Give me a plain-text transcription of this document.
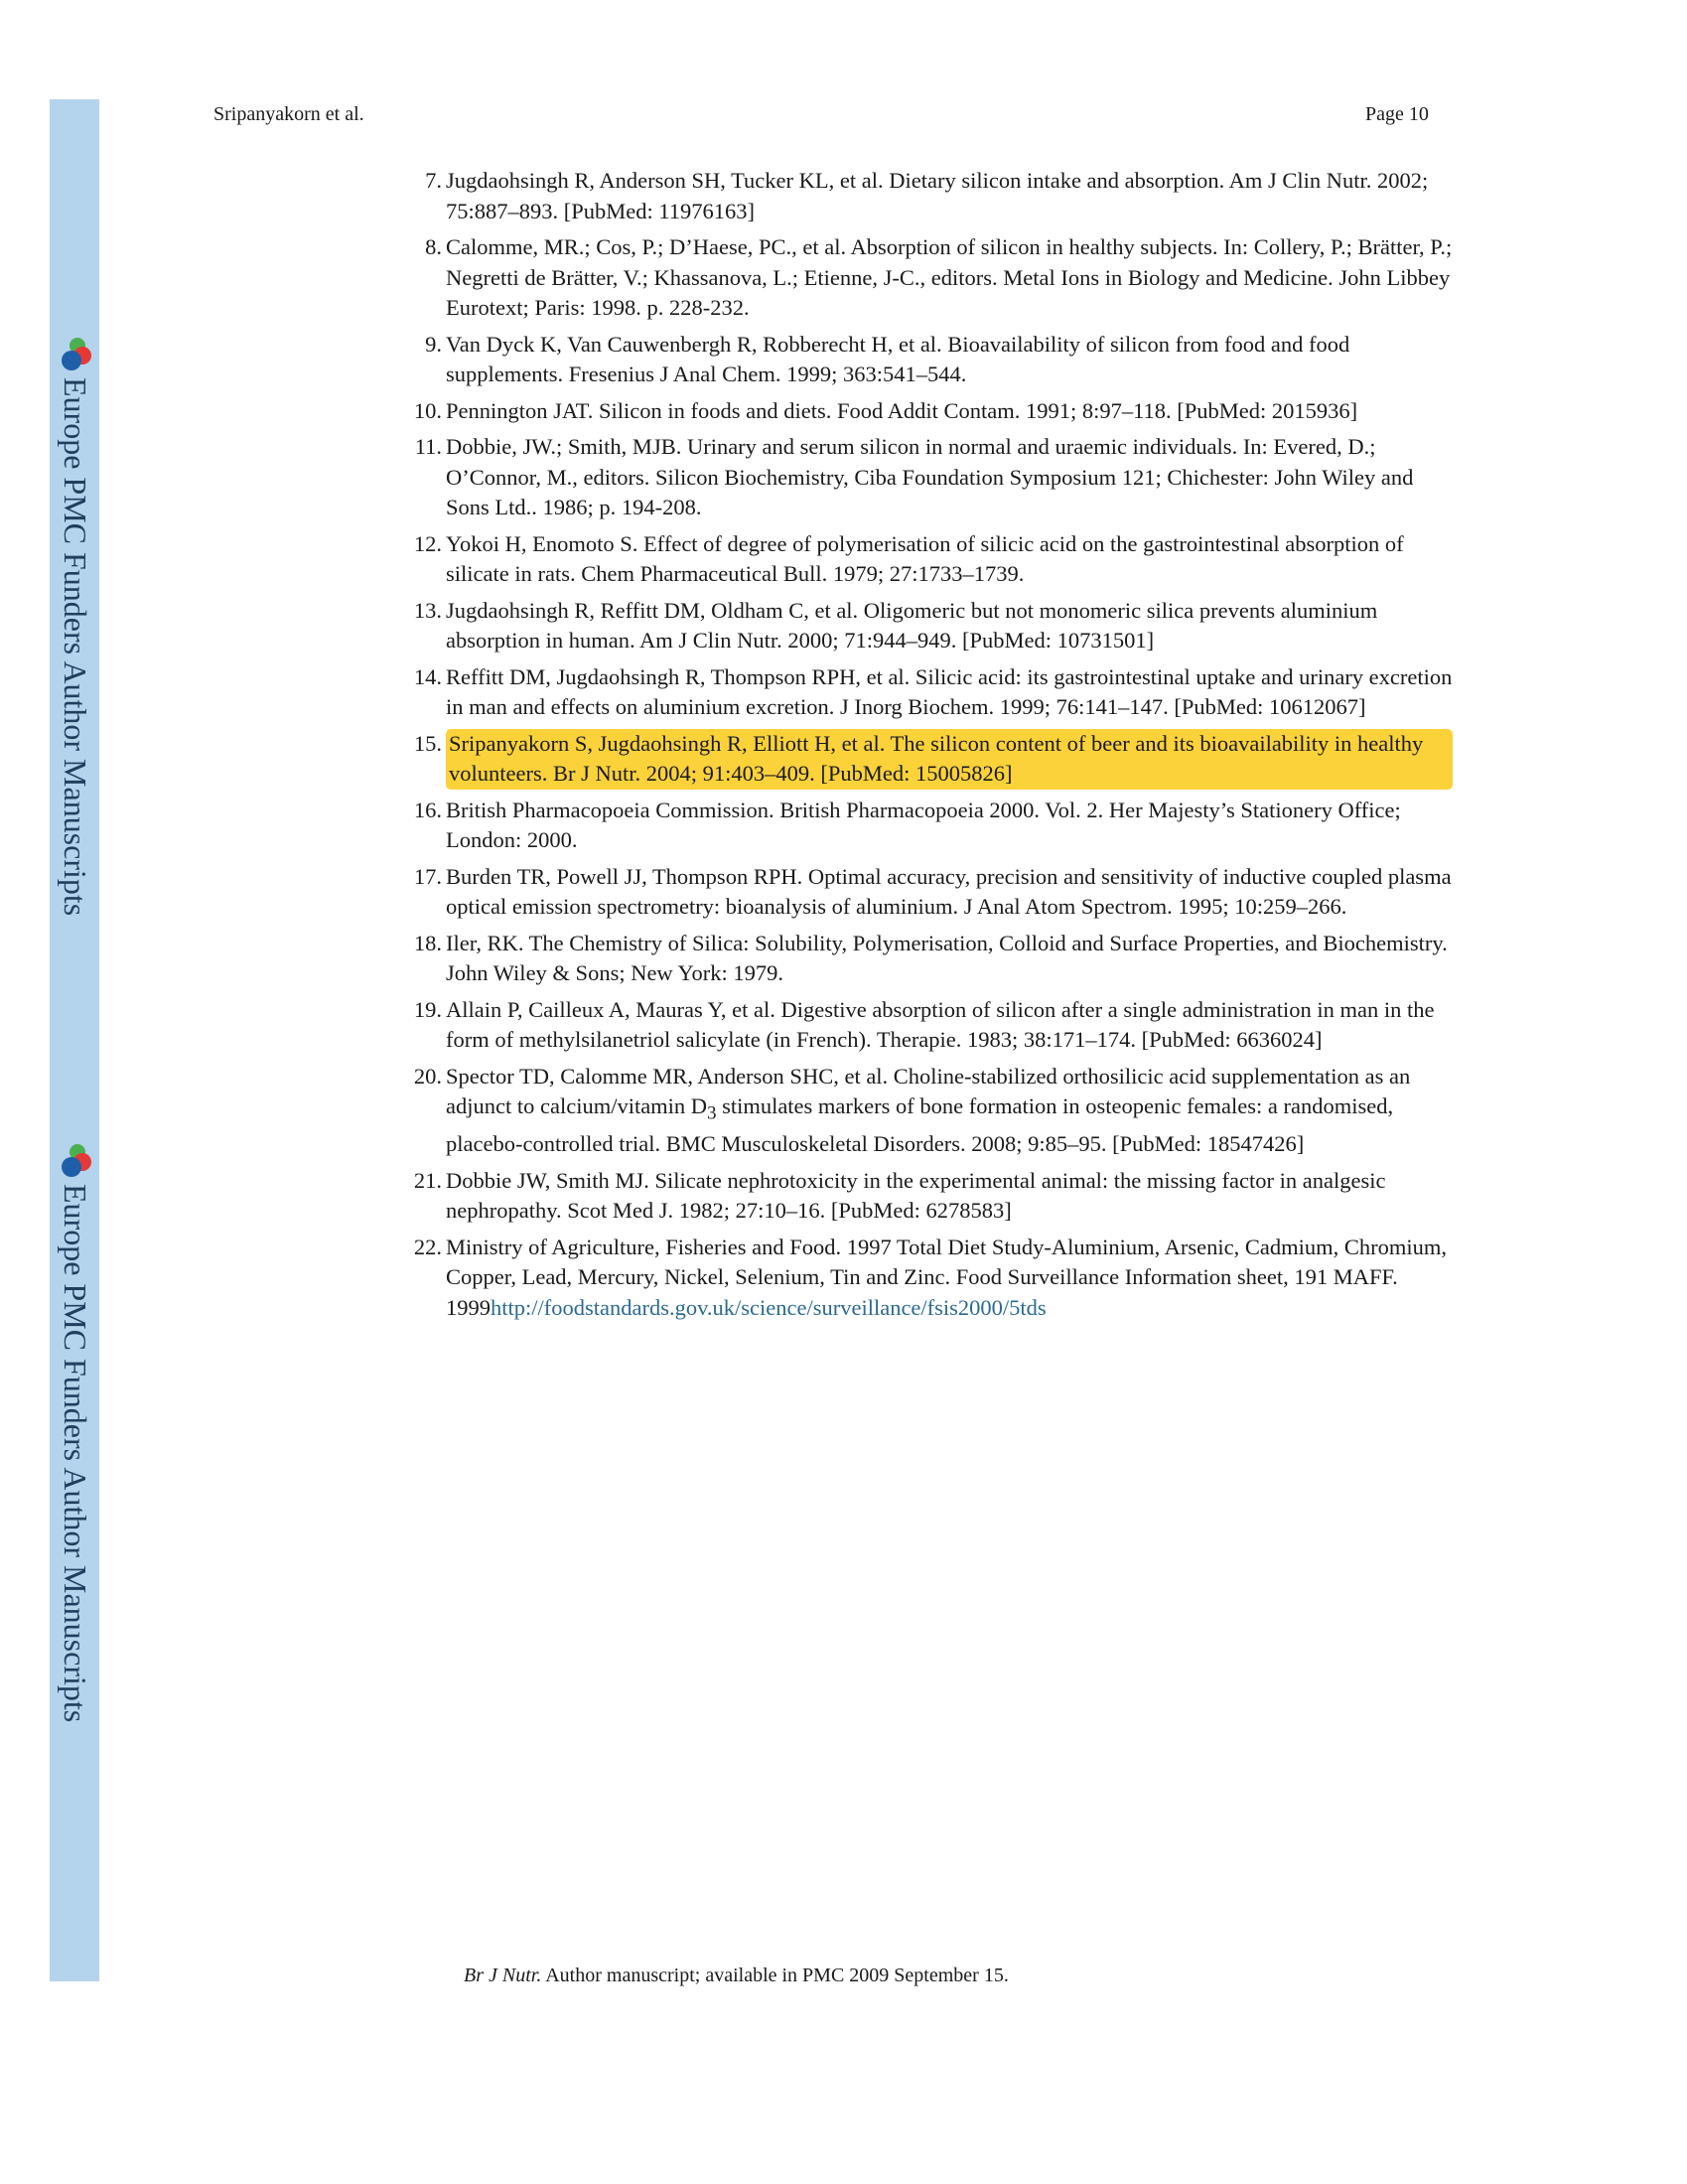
Europe PMC Funders Author Manuscripts
Europe PMC Funders Author Manuscripts
Sripanyakorn et al.	Page 10
7. Jugdaohsingh R, Anderson SH, Tucker KL, et al. Dietary silicon intake and absorption. Am J Clin Nutr. 2002; 75:887–893. [PubMed: 11976163]
8. Calomme, MR.; Cos, P.; D’Haese, PC., et al. Absorption of silicon in healthy subjects. In: Collery, P.; Brätter, P.; Negretti de Brätter, V.; Khassanova, L.; Etienne, J-C., editors. Metal Ions in Biology and Medicine. John Libbey Eurotext; Paris: 1998. p. 228-232.
9. Van Dyck K, Van Cauwenbergh R, Robberecht H, et al. Bioavailability of silicon from food and food supplements. Fresenius J Anal Chem. 1999; 363:541–544.
10. Pennington JAT. Silicon in foods and diets. Food Addit Contam. 1991; 8:97–118. [PubMed: 2015936]
11. Dobbie, JW.; Smith, MJB. Urinary and serum silicon in normal and uraemic individuals. In: Evered, D.; O’Connor, M., editors. Silicon Biochemistry, Ciba Foundation Symposium 121; Chichester: John Wiley and Sons Ltd.. 1986; p. 194-208.
12. Yokoi H, Enomoto S. Effect of degree of polymerisation of silicic acid on the gastrointestinal absorption of silicate in rats. Chem Pharmaceutical Bull. 1979; 27:1733–1739.
13. Jugdaohsingh R, Reffitt DM, Oldham C, et al. Oligomeric but not monomeric silica prevents aluminium absorption in human. Am J Clin Nutr. 2000; 71:944–949. [PubMed: 10731501]
14. Reffitt DM, Jugdaohsingh R, Thompson RPH, et al. Silicic acid: its gastrointestinal uptake and urinary excretion in man and effects on aluminium excretion. J Inorg Biochem. 1999; 76:141–147. [PubMed: 10612067]
15. Sripanyakorn S, Jugdaohsingh R, Elliott H, et al. The silicon content of beer and its bioavailability in healthy volunteers. Br J Nutr. 2004; 91:403–409. [PubMed: 15005826]
16. British Pharmacopoeia Commission. British Pharmacopoeia 2000. Vol. 2. Her Majesty’s Stationery Office; London: 2000.
17. Burden TR, Powell JJ, Thompson RPH. Optimal accuracy, precision and sensitivity of inductive coupled plasma optical emission spectrometry: bioanalysis of aluminium. J Anal Atom Spectrom. 1995; 10:259–266.
18. Iler, RK. The Chemistry of Silica: Solubility, Polymerisation, Colloid and Surface Properties, and Biochemistry. John Wiley & Sons; New York: 1979.
19. Allain P, Cailleux A, Mauras Y, et al. Digestive absorption of silicon after a single administration in man in the form of methylsilanetriol salicylate (in French). Therapie. 1983; 38:171–174. [PubMed: 6636024]
20. Spector TD, Calomme MR, Anderson SHC, et al. Choline-stabilized orthosilicic acid supplementation as an adjunct to calcium/vitamin $D_3$ stimulates markers of bone formation in osteopenic females: a randomised, placebo-controlled trial. BMC Musculoskeletal Disorders. 2008; 9:85–95. [PubMed: 18547426]
21. Dobbie JW, Smith MJ. Silicate nephrotoxicity in the experimental animal: the missing factor in analgesic nephropathy. Scot Med J. 1982; 27:10–16. [PubMed: 6278583]
22. Ministry of Agriculture, Fisheries and Food. 1997 Total Diet Study-Aluminium, Arsenic, Cadmium, Chromium, Copper, Lead, Mercury, Nickel, Selenium, Tin and Zinc. Food Surveillance Information sheet, 191 MAFF. 1999http://foodstandards.gov.uk/science/surveillance/fsis2000/5tds
Br J Nutr. Author manuscript; available in PMC 2009 September 15.
